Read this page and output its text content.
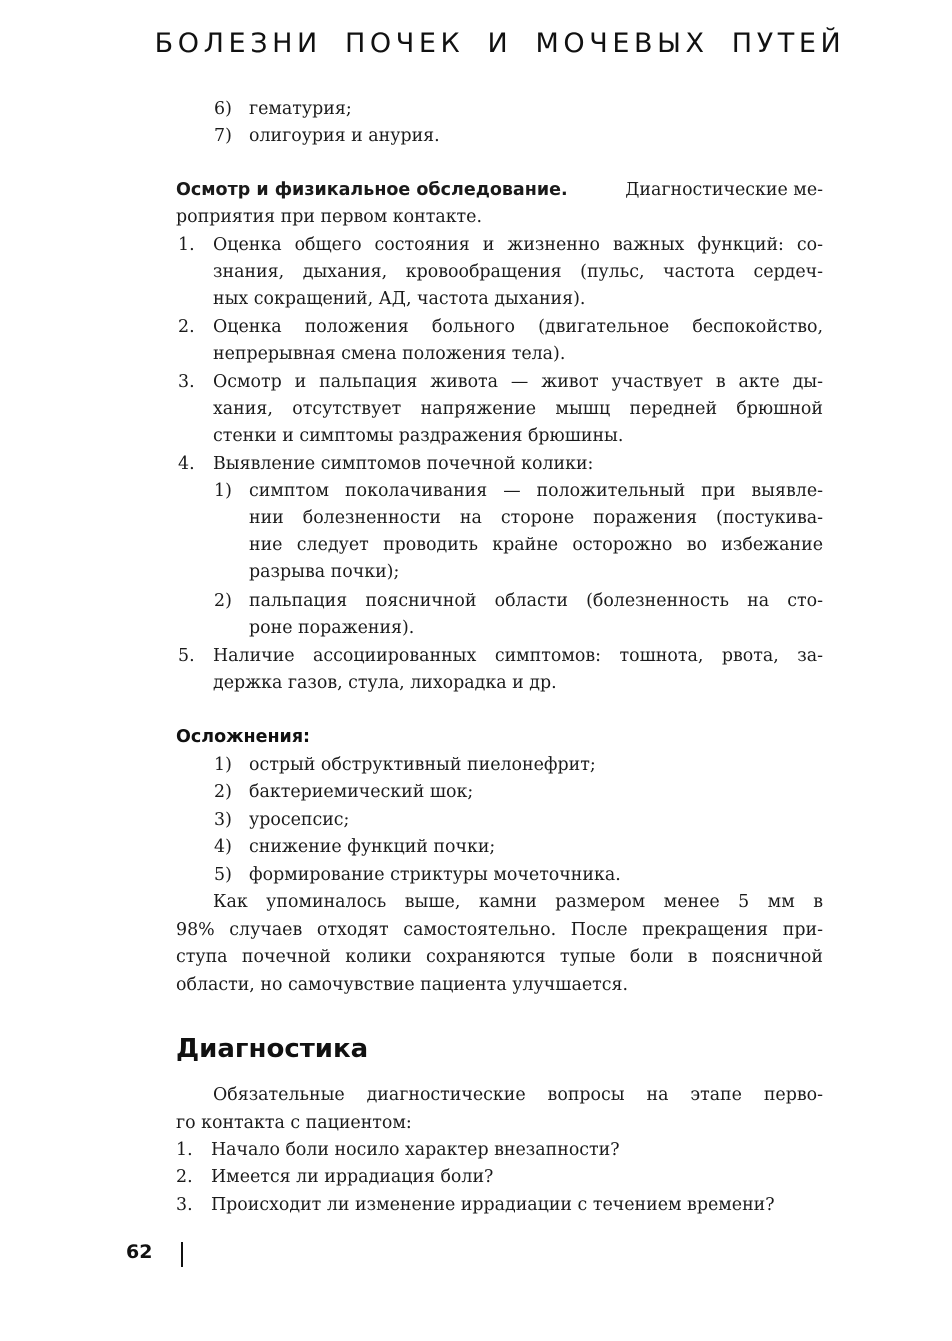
БОЛЕЗНИ ПОЧЕК И МОЧЕВЫХ ПУТЕЙ
6) гематурия;
7) олигоурия и анурия.
Осмотр и физикальное обследование.	Диагностические ме-
роприятия при первом контакте.
1. Оценка общего состояния и жизненно важных функций: со-
знания, дыхания, кровообращения (пульс, частота сердеч-
ных сокращений, АД, частота дыхания).
2. Оценка положения больного (двигательное беспокойство,
непрерывная смена положения тела).
3. Осмотр и пальпация живота — живот участвует в акте ды-
хания, отсутствует напряжение мышц передней брюшной
стенки и симптомы раздражения брюшины.
4. Выявление симптомов почечной колики:
1) симптом поколачивания — положительный при выявле-
нии болезненности на стороне поражения (постукива-
ние следует проводить крайне осторожно во избежание
разрыва почки);
2) пальпация поясничной области (болезненность на сто-
роне поражения).
5. Наличие ассоциированных симптомов: тошнота, рвота, за-
держка газов, стула, лихорадка и др.
Осложнения:
1) острый обструктивный пиелонефрит;
2) бактериемический шок;
3) уросепсис;
4) снижение функций почки;
5) формирование стриктуры мочеточника.
Как упоминалось выше, камни размером менее 5 мм в
98% случаев отходят самостоятельно. После прекращения при-
ступа почечной колики сохраняются тупые боли в поясничной
области, но самочувствие пациента улучшается.
Диагностика
Обязательные диагностические вопросы на этапе перво-
го контакта с пациентом:
1. Начало боли носило характер внезапности?
2. Имеется ли иррадиация боли?
3. Происходит ли изменение иррадиации с течением времени?
62
